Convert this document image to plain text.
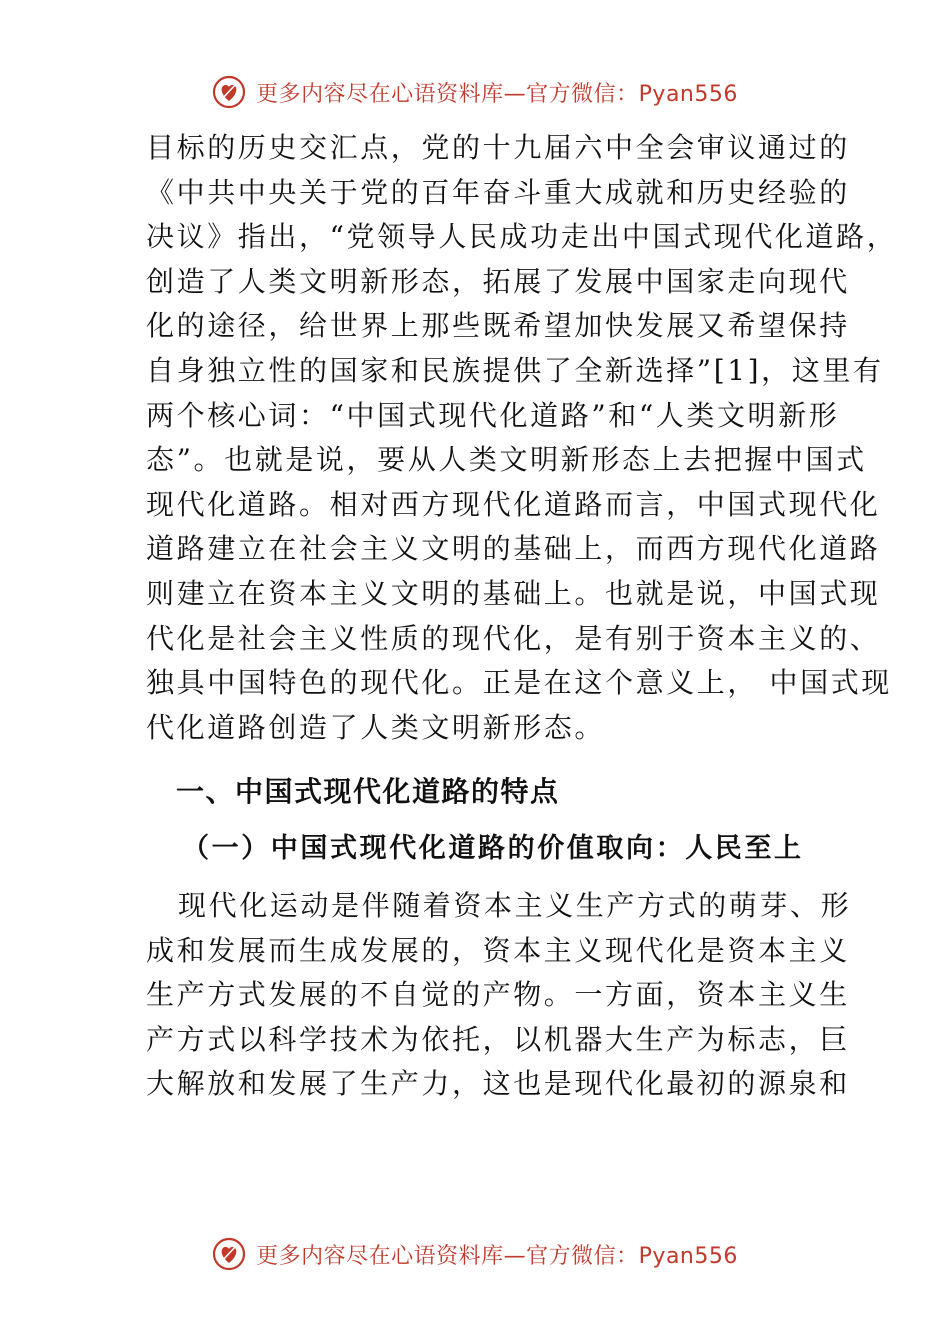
更多内容尽在心语资料库—官方微信：Pyan556

目标的历史交汇点，党的十九届六中全会审议通过的
《中共中央关于党的百年奋斗重大成就和历史经验的
决议》指出，“党领导人民成功走出中国式现代化道路，
创造了人类文明新形态，拓展了发展中国家走向现代
化的途径，给世界上那些既希望加快发展又希望保持
自身独立性的国家和民族提供了全新选择”[1]，这里有
两个核心词：“中国式现代化道路”和“人类文明新形
态”。也就是说，要从人类文明新形态上去把握中国式
现代化道路。相对西方现代化道路而言，中国式现代化
道路建立在社会主义文明的基础上，而西方现代化道路
则建立在资本主义文明的基础上。也就是说，中国式现
代化是社会主义性质的现代化，是有别于资本主义的、
独具中国特色的现代化。正是在这个意义上， 中国式现
代化道路创造了人类文明新形态。

一、中国式现代化道路的特点
（一）中国式现代化道路的价值取向：人民至上

现代化运动是伴随着资本主义生产方式的萌芽、形
成和发展而生成发展的，资本主义现代化是资本主义
生产方式发展的不自觉的产物。一方面，资本主义生
产方式以科学技术为依托，以机器大生产为标志，巨
大解放和发展了生产力，这也是现代化最初的源泉和

更多内容尽在心语资料库—官方微信：Pyan556
